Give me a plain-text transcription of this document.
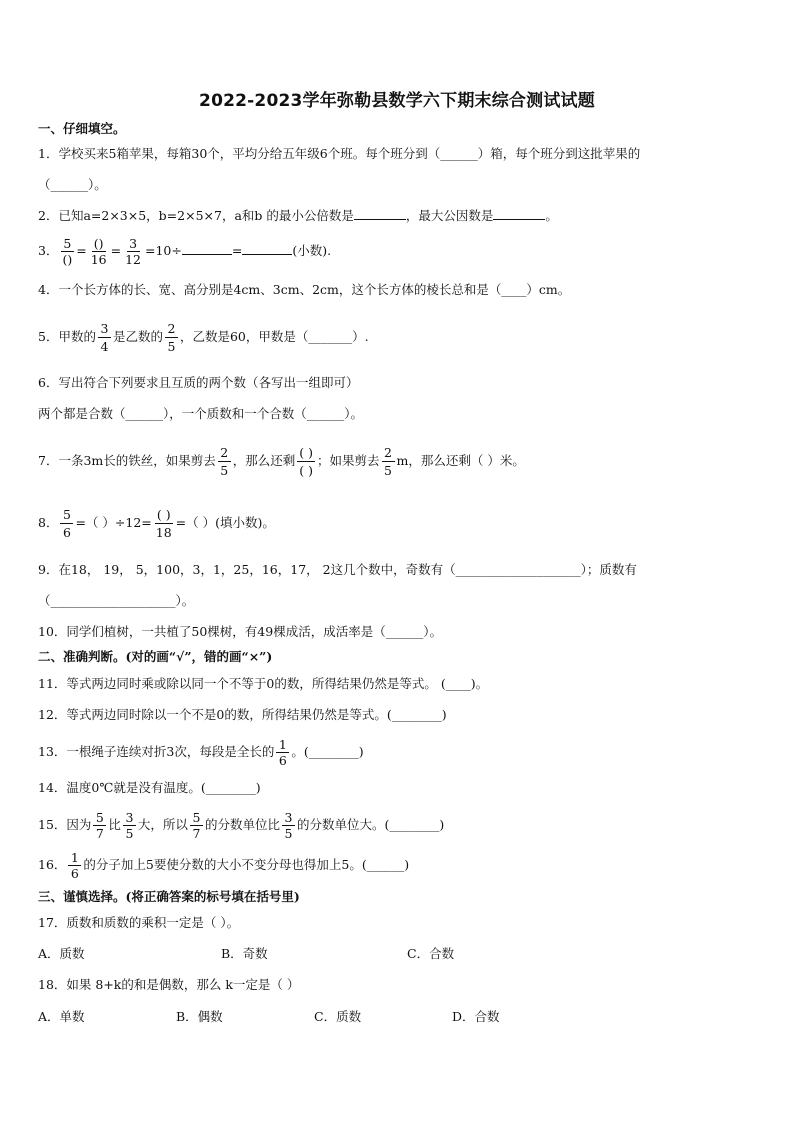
2022-2023学年弥勒县数学六下期末综合测试试题
一、仔细填空。
1．学校买来5箱苹果，每箱30个，平均分给五年级6个班。每个班分到（______）箱，每个班分到这批苹果的
（______）。
2．已知a=2×3×5，b=2×5×7，a和b 的最小公倍数是	，最大公因数是	。
3． $\frac{5}{()} = \frac{()}{16} = \frac{3}{12} =10\div$	=	(小数).
4．一个长方体的长、宽、高分别是4cm、3cm、2cm，这个长方体的棱长总和是（____）cm。
5．甲数的 $\frac{3}{4}$ 是乙数的 $\frac{2}{5}$ ，乙数是60，甲数是（_______）.
6．写出符合下列要求且互质的两个数（各写出一组即可）
两个都是合数（______），一个质数和一个合数（______）。
7．一条3m长的铁丝，如果剪去 $\frac{2}{5}$ ，那么还剩 $\frac{( )}{( )}$ ；如果剪去 $\frac{2}{5}$ m，那么还剩（ ）米。
8． $\frac{5}{6}$ =（ ）$\div 12= \frac{( )}{18}$ =（ ）(填小数)。
9．在18， 19， 5，100，3，1，25，16，17， 2这几个数中，奇数有（____________________）；质数有
（____________________）。
10．同学们植树，一共植了50棵树，有49棵成活，成活率是（______）。
二、准确判断。(对的画“√”，错的画“×”)
11．等式两边同时乘或除以同一个不等于0的数，所得结果仍然是等式。 (____)。
12．等式两边同时除以一个不是0的数，所得结果仍然是等式。(________)
13．一根绳子连续对折3次，每段是全长的 $\frac{1}{6}$ 。(________)
14．温度0℃就是没有温度。(________)
15．因为 $\frac{5}{7}$ 比 $\frac{3}{5}$ 大，所以 $\frac{5}{7}$ 的分数单位比 $\frac{3}{5}$ 的分数单位大。(________)
16． $\frac{1}{6}$ 的分子加上5要使分数的大小不变分母也得加上5。(______)
三、谨慎选择。(将正确答案的标号填在括号里)
17．质数和质数的乘积一定是（ ）。
A．质数	B．奇数	C．合数
18．如果 8+k的和是偶数，那么 k一定是（ ）
A．单数	B．偶数	C．质数	D．合数
